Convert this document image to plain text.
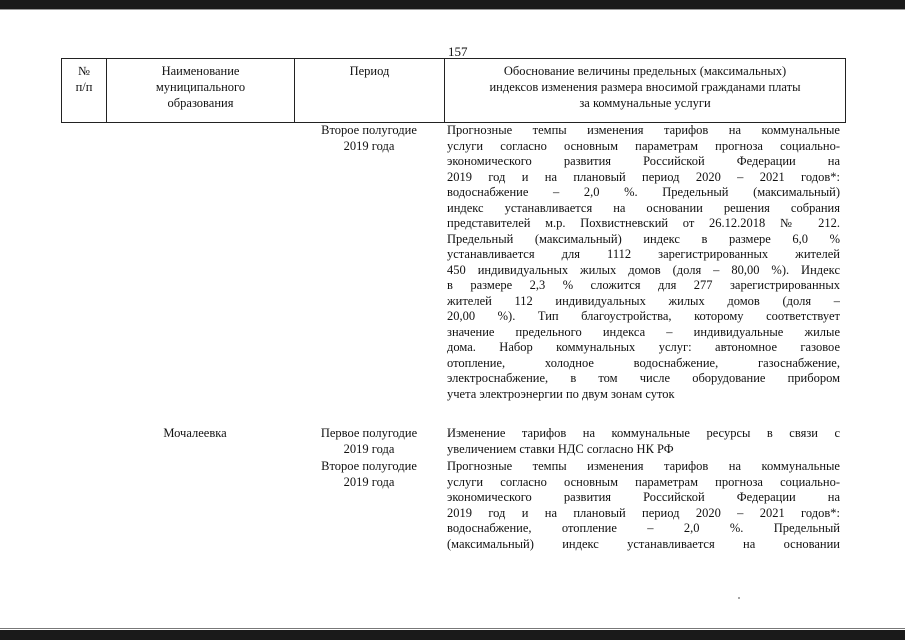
157
№
п/п
Наименование
муниципального
образования
Период	Обоснование величины предельных (максимальных)
индексов изменения размера вносимой гражданами платы
за коммунальные услуги
Второе полугодие
2019 года
Прогнозные темпы изменения тарифов на коммунальные
услуги согласно основным параметрам прогноза социально-
экономического развития Российской Федерации на
2019 год и на плановый период 2020 – 2021 годов*:
водоснабжение – 2,0 %. Предельный (максимальный)
индекс устанавливается на основании решения собрания
представителей м.р. Похвистневский от 26.12.2018 № 212.
Предельный (максимальный) индекс в размере 6,0 %
устанавливается для 1112 зарегистрированных жителей
450 индивидуальных жилых домов (доля – 80,00 %). Индекс
в размере 2,3 % сложится для 277 зарегистрированных
жителей 112 индивидуальных жилых домов (доля –
20,00 %). Тип благоустройства, которому соответствует
значение предельного индекса – индивидуальные жилые
дома. Набор коммунальных услуг: автономное газовое
отопление, холодное водоснабжение, газоснабжение,
электроснабжение, в том числе оборудование прибором
учета электроэнергии по двум зонам суток
Мочалеевка	Первое полугодие
2019 года
Изменение тарифов на коммунальные ресурсы в связи с
увеличением ставки НДС согласно НК РФ
Второе полугодие
2019 года
Прогнозные темпы изменения тарифов на коммунальные
услуги согласно основным параметрам прогноза социально-
экономического развития Российской Федерации на
2019 год и на плановый период 2020 – 2021 годов*:
водоснабжение, отопление – 2,0 %. Предельный
(максимальный) индекс устанавливается на основании
